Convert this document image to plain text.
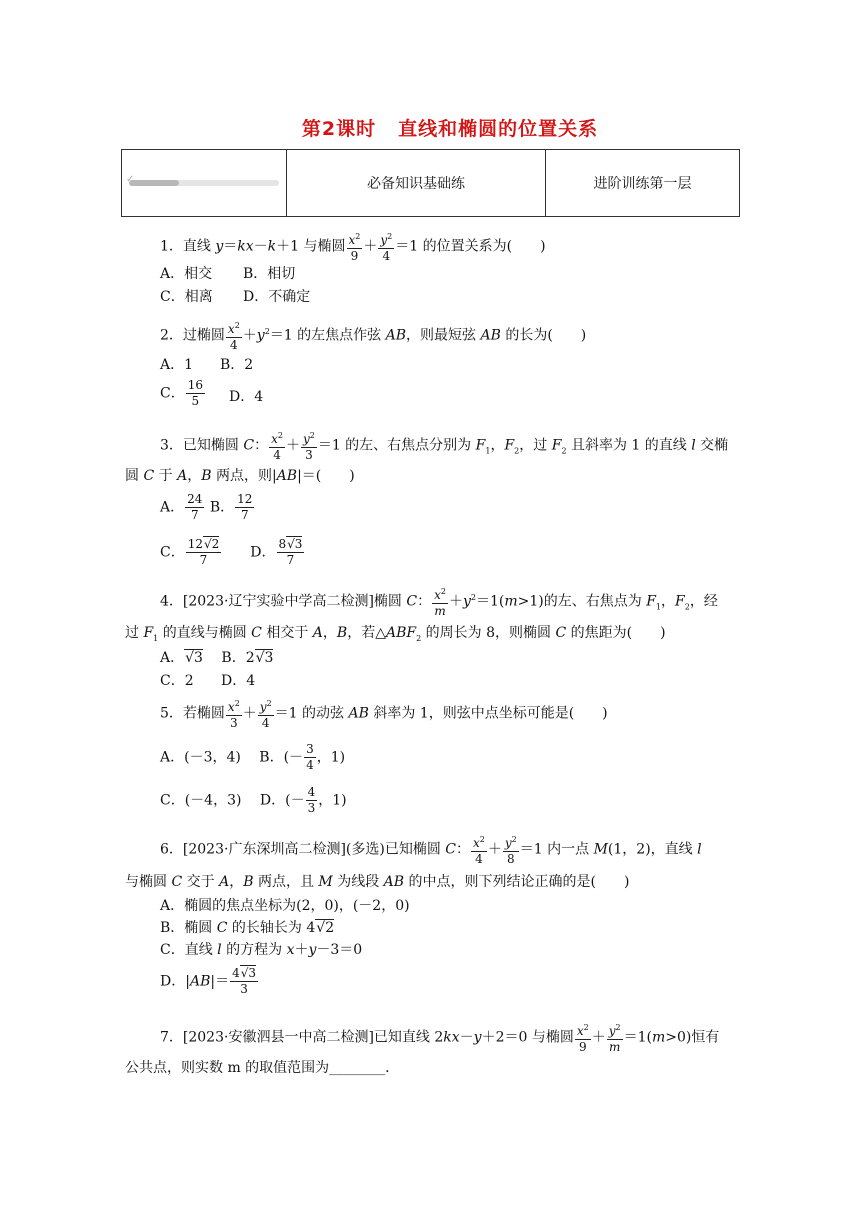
第2课时 直线和椭圆的位置关系
✓	必备知识基础练	进阶训练第一层
1．直线 y＝kx－k＋1 与椭圆 $\frac{x^2}{9} + \frac{y^2}{4} =1$ 的位置关系为(　　)
A．相交 B．相切
C．相离 D．不确定
2．过椭圆 $\frac{x^2}{4} +y^2=1$ 的左焦点作弦 AB，则最短弦 AB 的长为(　　)
A．1 B．2
C． $\frac{16}{5}$ D．4
3．已知椭圆 C： $\frac{x^2}{4} + \frac{y^2}{3} =1$ 的左、右焦点分别为 $F_1$，$F_2$，过 $F_2$ 且斜率为 1 的直线 l 交椭
圆 C 于 A，B 两点，则|AB|＝(　　)
A． $\frac{24}{7}$ B． $\frac{12}{7}$
C． $\frac{12√2}{7}$ 　　D． $\frac{8√3}{7}$
4．[2023·辽宁实验中学高二检测]椭圆 C： $\frac{x^2}{m} +y^2=1(m>1)$的左、右焦点为 $F_1$，$F_2$，经
过 $F_1$ 的直线与椭圆 C 相交于 A，B，若$\triangle ABF_2$ 的周长为 8，则椭圆 C 的焦距为(　　)
A．√3　 B．2√3
C．2 D．4
5．若椭圆 $\frac{x^2}{3} + \frac{y^2}{4} =1$ 的动弦 AB 斜率为 1，则弦中点坐标可能是(　　)
A．(－3，4)　 B．(－ $\frac{3}{4}$ ，1)
C．(－4，3)　 D．(－ $\frac{4}{3}$ ，1)
6．[2023·广东深圳高二检测](多选)已知椭圆 C： $\frac{x^2}{4} + \frac{y^2}{8} =1$ 内一点 M(1，2)，直线 l
与椭圆 C 交于 A，B 两点，且 M 为线段 AB 的中点，则下列结论正确的是(　　)
A．椭圆的焦点坐标为(2，0)，(－2，0)
B．椭圆 C 的长轴长为 4√2
C．直线 l 的方程为 x＋y－3＝0
D．$|AB|= \frac{4√3}{3}$
7．[2023·安徽泗县一中高二检测]已知直线 2kx－y＋2＝0 与椭圆 $\frac{x^2}{9} + \frac{y^2}{m} =1(m>0)$恒有
公共点，则实数 m 的取值范围为________．
